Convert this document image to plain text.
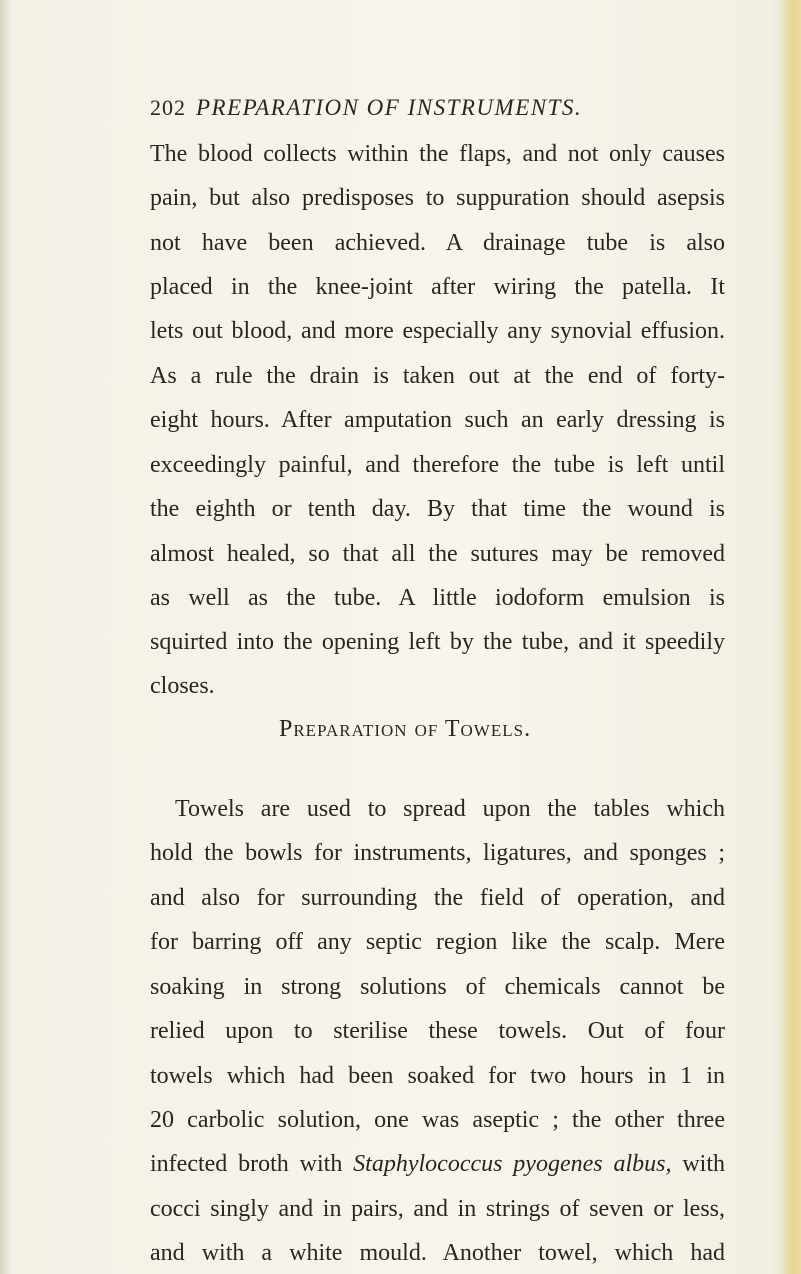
202 PREPARATION OF INSTRUMENTS.
The blood collects within the flaps, and not only causes
pain, but also predisposes to suppuration should asepsis
not have been achieved. A drainage tube is also
placed in the knee-joint after wiring the patella. It
lets out blood, and more especially any synovial effusion.
As a rule the drain is taken out at the end of forty-
eight hours. After amputation such an early dressing is
exceedingly painful, and therefore the tube is left until
the eighth or tenth day. By that time the wound is
almost healed, so that all the sutures may be removed
as well as the tube. A little iodoform emulsion is
squirted into the opening left by the tube, and it speedily
closes.
Preparation of Towels.
Towels are used to spread upon the tables which
hold the bowls for instruments, ligatures, and sponges ;
and also for surrounding the field of operation, and
for barring off any septic region like the scalp. Mere
soaking in strong solutions of chemicals cannot be
relied upon to sterilise these towels. Out of four
towels which had been soaked for two hours in 1 in
20 carbolic solution, one was aseptic ; the other three
infected broth with Staphylococcus pyogenes albus, with
cocci singly and in pairs, and in strings of seven or less,
and with a white mould. Another towel, which had
